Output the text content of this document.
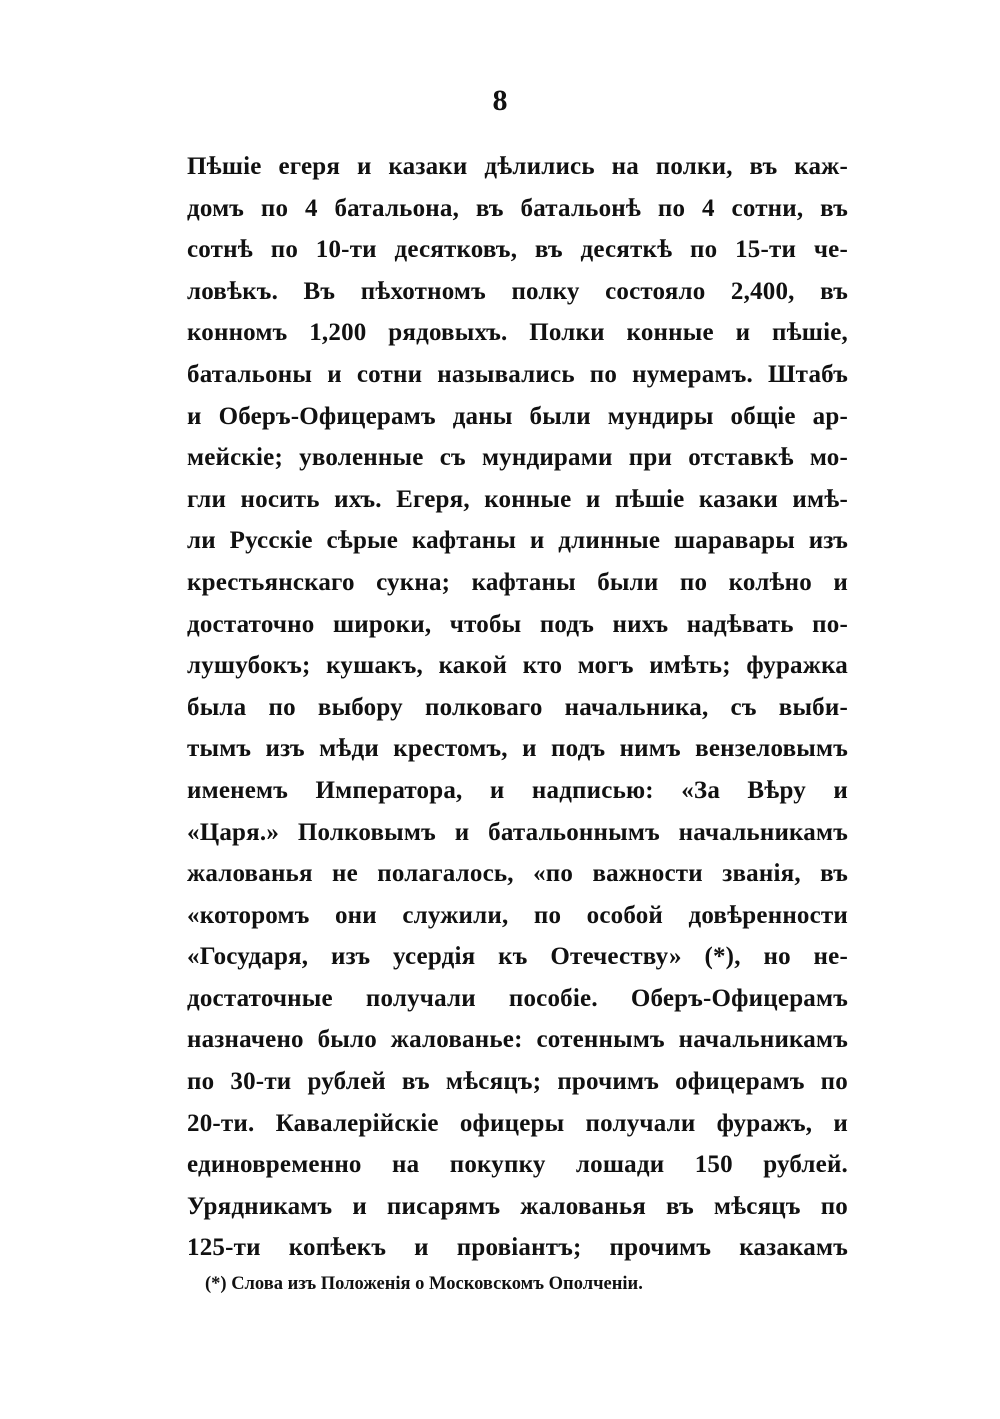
8
Пѣшіе егеря и казаки дѣлились на полки, въ каж-
домъ по 4 батальона, въ батальонѣ по 4 сотни, въ
сотнѣ по 10-ти десятковъ, въ десяткѣ по 15-ти че-
ловѣкъ. Въ пѣхотномъ полку состояло 2,400, въ
конномъ 1,200 рядовыхъ. Полки конные и пѣшіе,
батальоны и сотни назывались по нумерамъ. Штабъ
и Оберъ-Офицерамъ даны были мундиры общіе ар-
мейскіе; уволенные съ мундирами при отставкѣ мо-
гли носить ихъ. Егеря, конные и пѣшіе казаки имѣ-
ли Русскіе сѣрые кафтаны и длинные шаравары изъ
крестьянскаго сукна; кафтаны были по колѣно и
достаточно широки, чтобы подъ нихъ надѣвать по-
лушубокъ; кушакъ, какой кто могъ имѣть; фуражка
была по выбору полковаго начальника, съ выби-
тымъ изъ мѣди крестомъ, и подъ нимъ вензеловымъ
именемъ Императора, и надписью: «За Вѣру и
«Царя.» Полковымъ и батальоннымъ начальникамъ
жалованья не полагалось, «по важности званія, въ
«которомъ они служили, по особой довѣренности
«Государя, изъ усердія къ Отечеству» (*), но не-
достаточные получали пособіе. Оберъ-Офицерамъ
назначено было жалованье: сотеннымъ начальникамъ
по 30-ти рублей въ мѣсяцъ; прочимъ офицерамъ по
20-ти. Кавалерійскіе офицеры получали фуражъ, и
единовременно на покупку лошади 150 рублей.
Урядникамъ и писарямъ жалованья въ мѣсяцъ по
125-ти копѣекъ и провіантъ; прочимъ казакамъ
(*) Слова изъ Положенія о Московскомъ Ополченіи.
